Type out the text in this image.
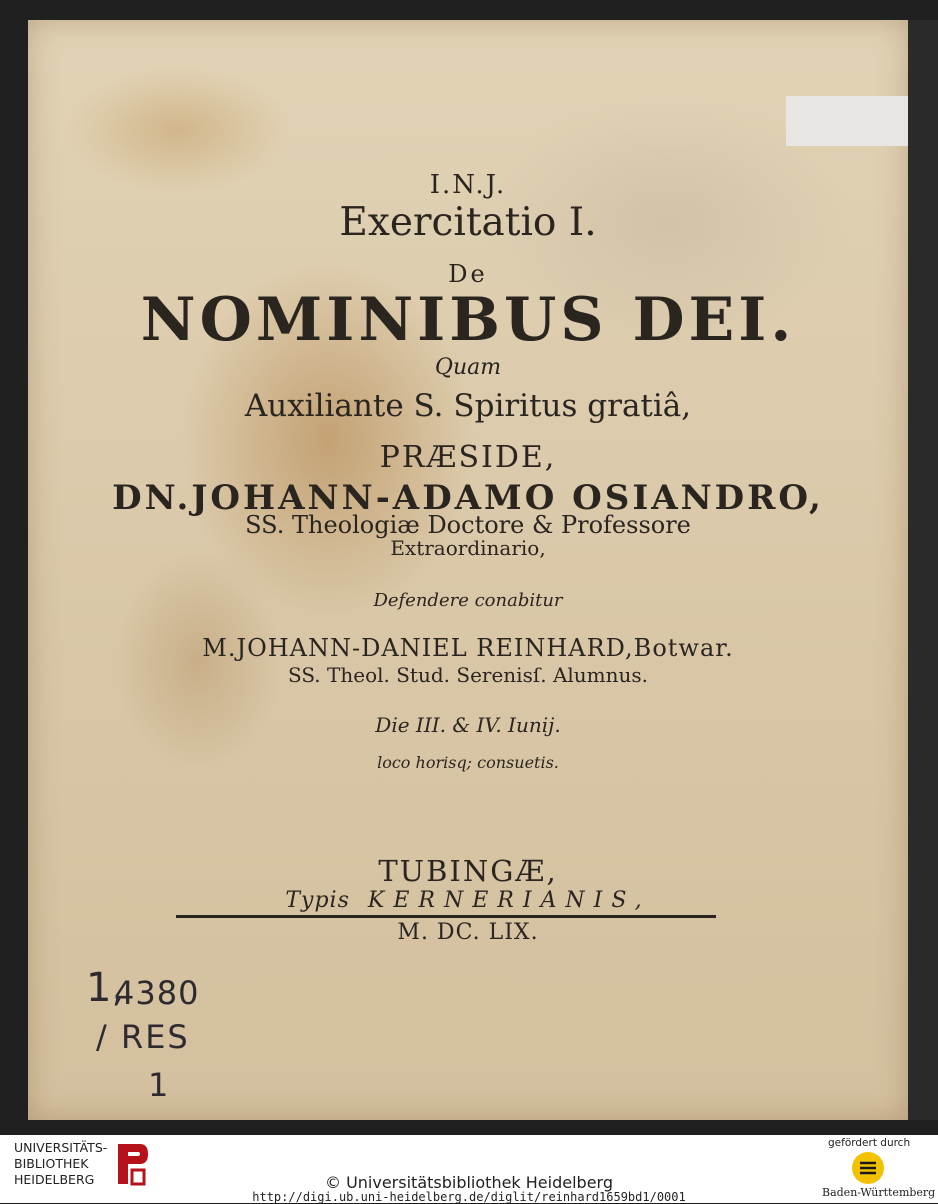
I.N.J.
Exercitatio I.
De
NOMINIBUS DEI.
Quam
Auxiliante S. Spiritus gratiâ,
PRÆSIDE,
DN.JOHANN-ADAMO OSIANDRO,
SS. Theologiæ Doctore & Professore
Extraordinario,
Defendere conabitur
M.JOHANN-DANIEL REINHARD,Botwar.
SS. Theol. Stud. Serenisſ. Alumnus.
Die III. & IV. Iunij.
loco horisq; consuetis.
TUBINGÆ,
Typis KERNERIANIS,
M. DC. LIX.
1,
4380
/ RES
1
UNIVERSITÄTS-
BIBLIOTHEK
HEIDELBERG
gefördert durch
Baden-Württemberg
© Universitätsbibliothek Heidelberg
http://digi.ub.uni-heidelberg.de/diglit/reinhard1659bd1/0001
